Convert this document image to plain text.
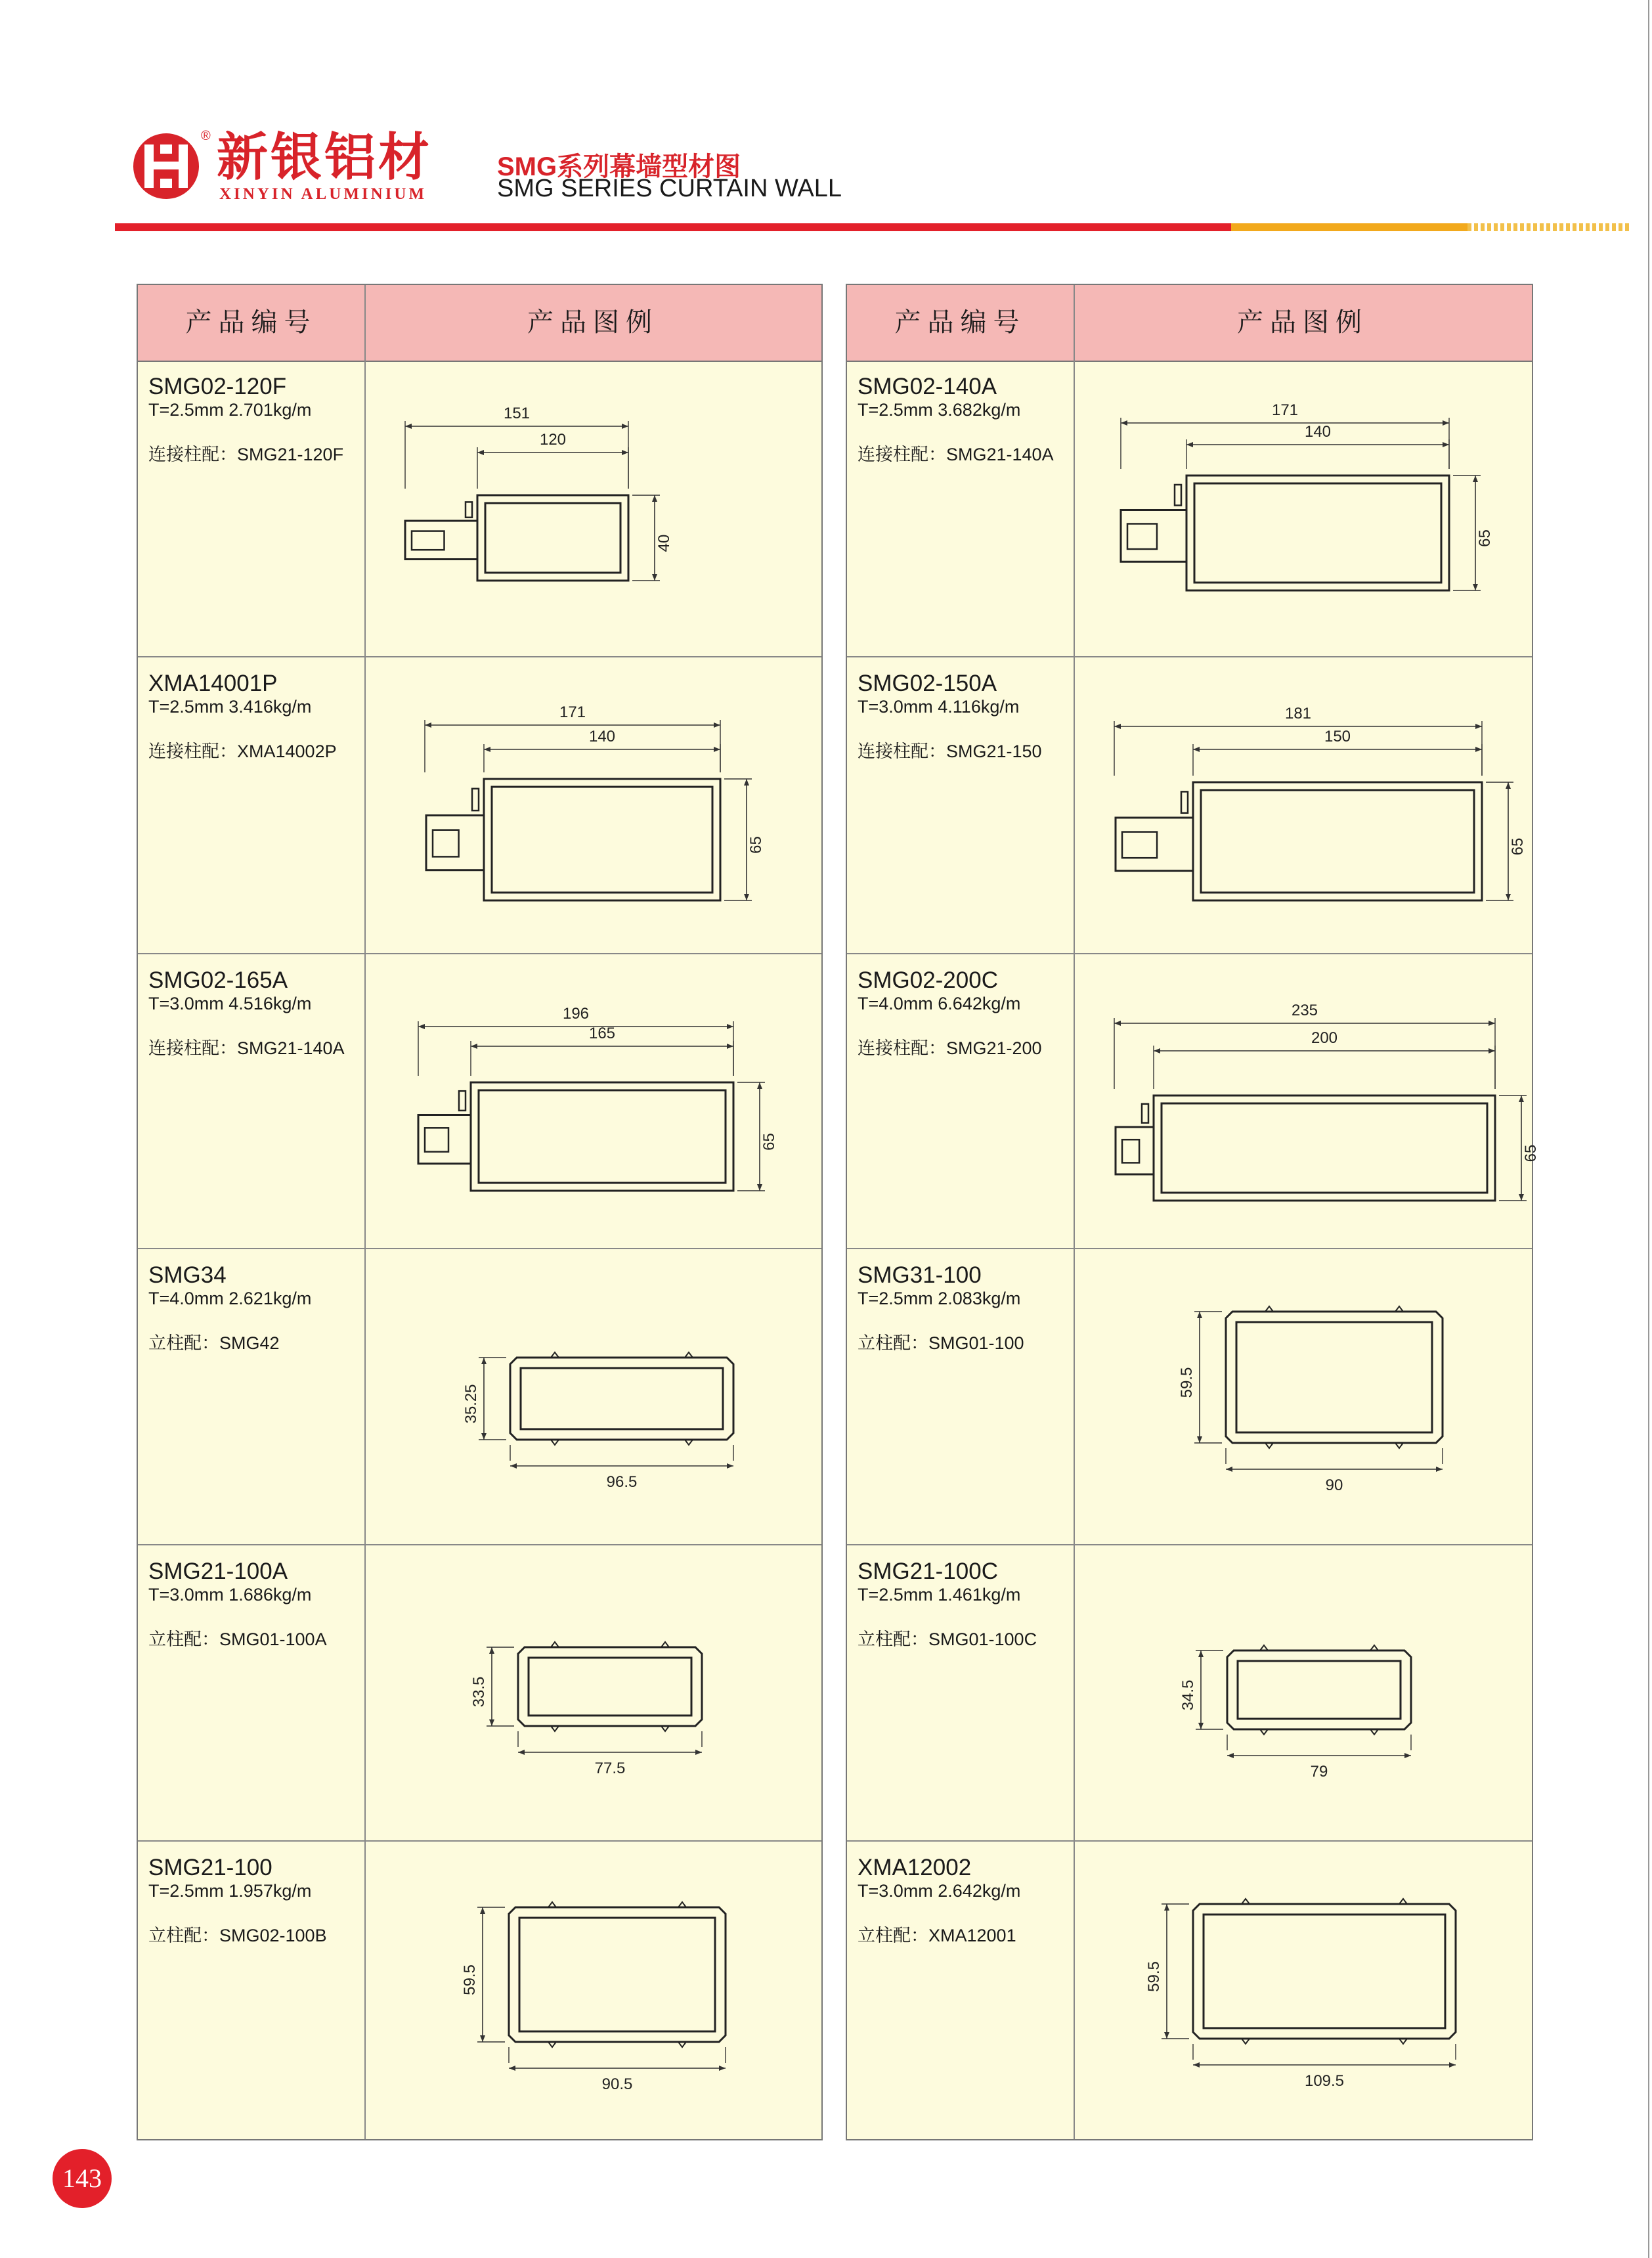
® 新银铝材
XINYIN ALUMINIUM
SMG系列幕墙型材图
SMG SERIES CURTAIN WALL
产品编号	产品图例
SMG02-120F
T=2.5mm 2.701kg/m
连接柱配：SMG21-120F
151
120
40
XMA14001P
T=2.5mm 3.416kg/m
连接柱配：XMA14002P
171
140
65
SMG02-165A
T=3.0mm 4.516kg/m
连接柱配：SMG21-140A
196
165
65
SMG34
T=4.0mm 2.621kg/m
立柱配：SMG42
96.5
35.25
SMG21-100A
T=3.0mm 1.686kg/m
立柱配：SMG01-100A
77.5
33.5
SMG21-100
T=2.5mm 1.957kg/m
立柱配：SMG02-100B
90.5
59.5
产品编号	产品图例
SMG02-140A
T=2.5mm 3.682kg/m
连接柱配：SMG21-140A
171
140
65
SMG02-150A
T=3.0mm 4.116kg/m
连接柱配：SMG21-150
181
150
65
SMG02-200C
T=4.0mm 6.642kg/m
连接柱配：SMG21-200
235
200
65
SMG31-100
T=2.5mm 2.083kg/m
立柱配：SMG01-100
90
59.5
SMG21-100C
T=2.5mm 1.461kg/m
立柱配：SMG01-100C
79
34.5
XMA12002
T=3.0mm 2.642kg/m
立柱配：XMA12001
109.5
59.5
143
